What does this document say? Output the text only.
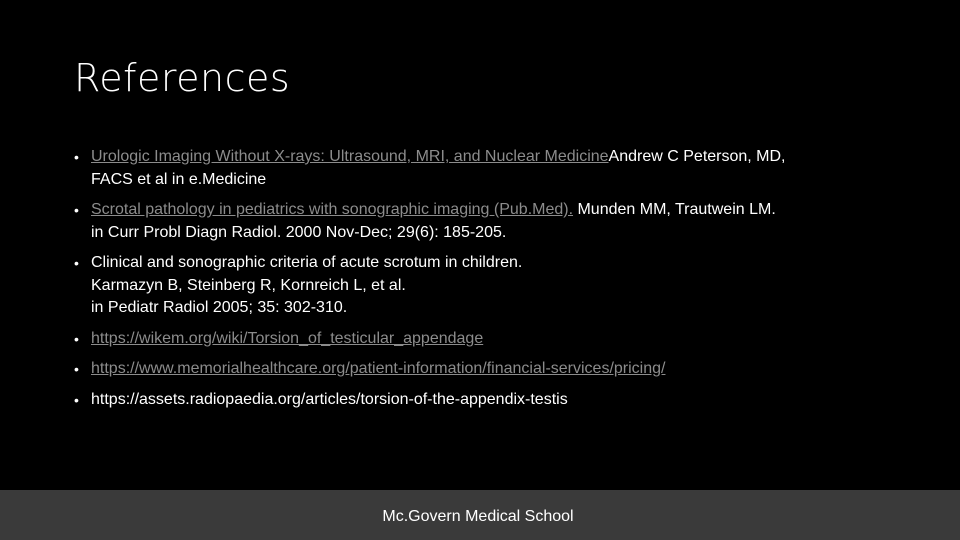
References
• Urologic Imaging Without X-rays: Ultrasound, MRI, and Nuclear MedicineAndrew C Peterson, MD,
FACS et al in e.Medicine
• Scrotal pathology in pediatrics with sonographic imaging (Pub.Med). Munden MM, Trautwein LM.
in Curr Probl Diagn Radiol. 2000 Nov-Dec; 29(6): 185-205.
• Clinical and sonographic criteria of acute scrotum in children.
Karmazyn B, Steinberg R, Kornreich L, et al.
in Pediatr Radiol 2005; 35: 302-310.
• https://wikem.org/wiki/Torsion_of_testicular_appendage
• https://www.memorialhealthcare.org/patient-information/financial-services/pricing/
• https://assets.radiopaedia.org/articles/torsion-of-the-appendix-testis
Mc.Govern Medical School
